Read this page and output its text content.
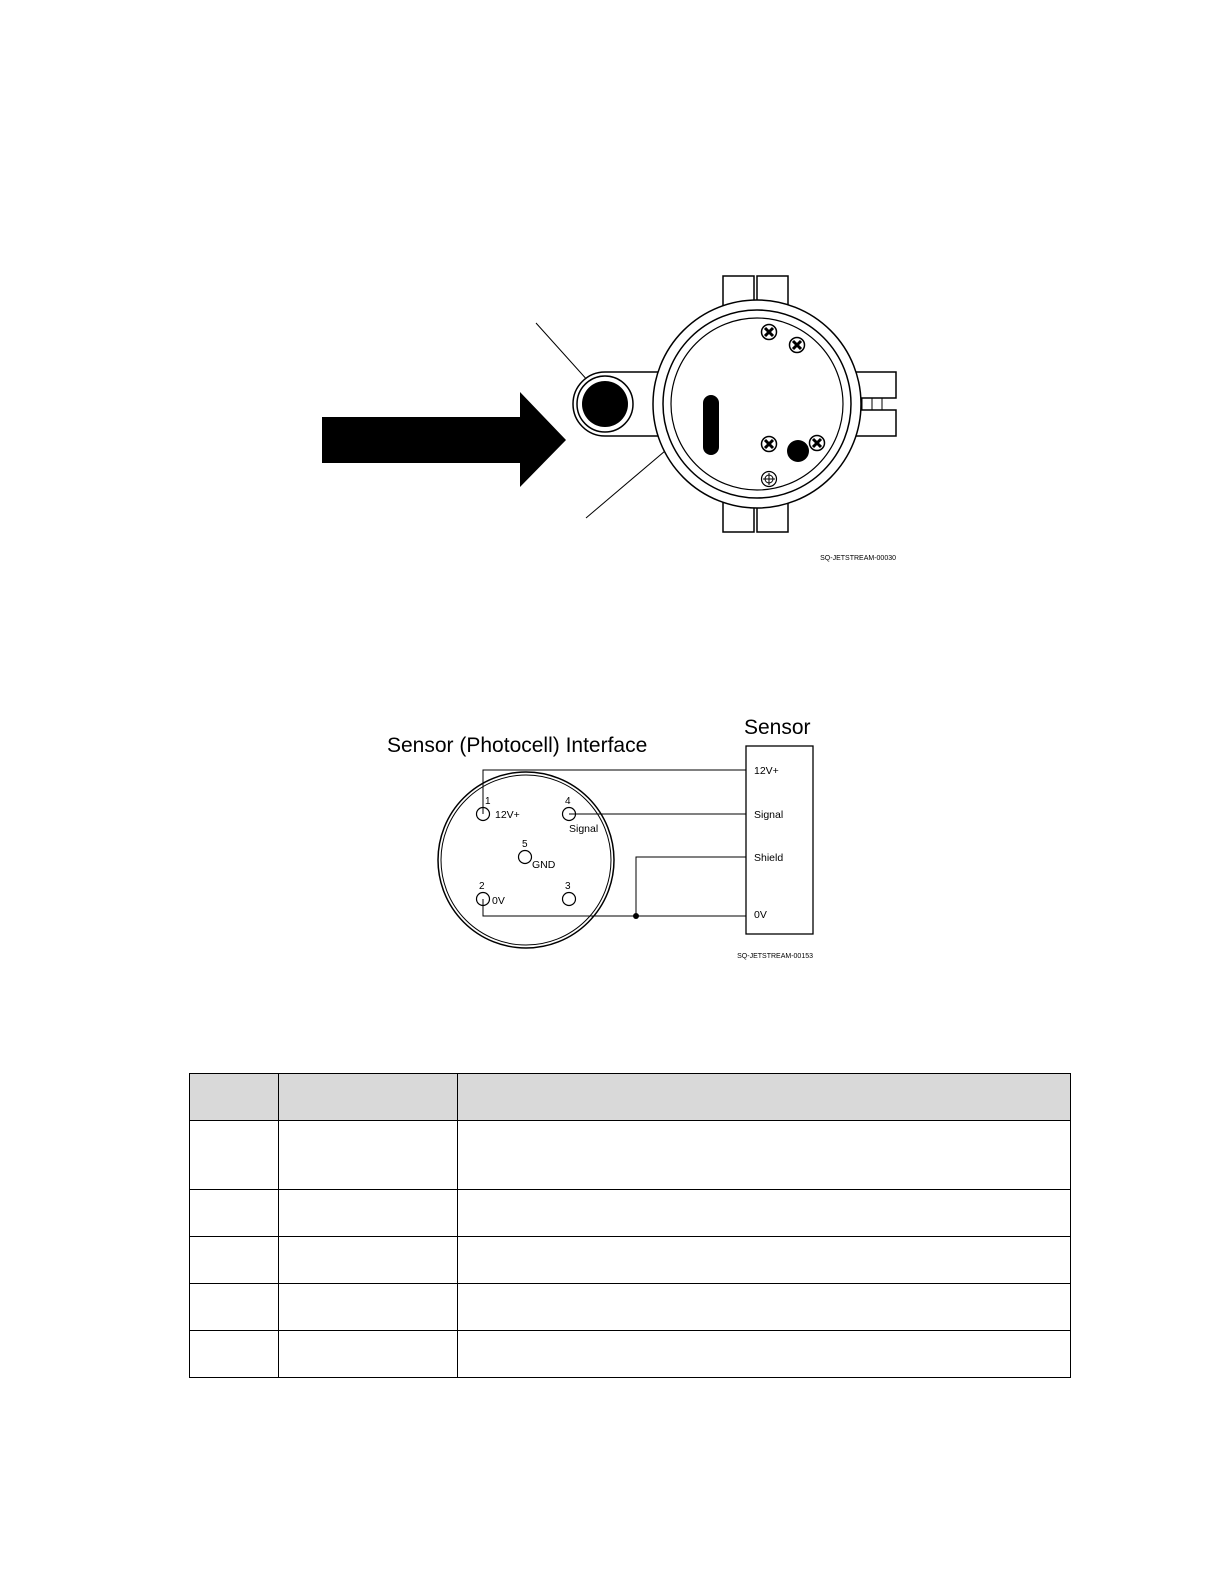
SQ-JETSTREAM-00030
Sensor (Photocell) Interface
Sensor
1
12V+
4
Signal
5
GND
2
0V
3
12V+
Signal
Shield
0V
SQ-JETSTREAM-00153
